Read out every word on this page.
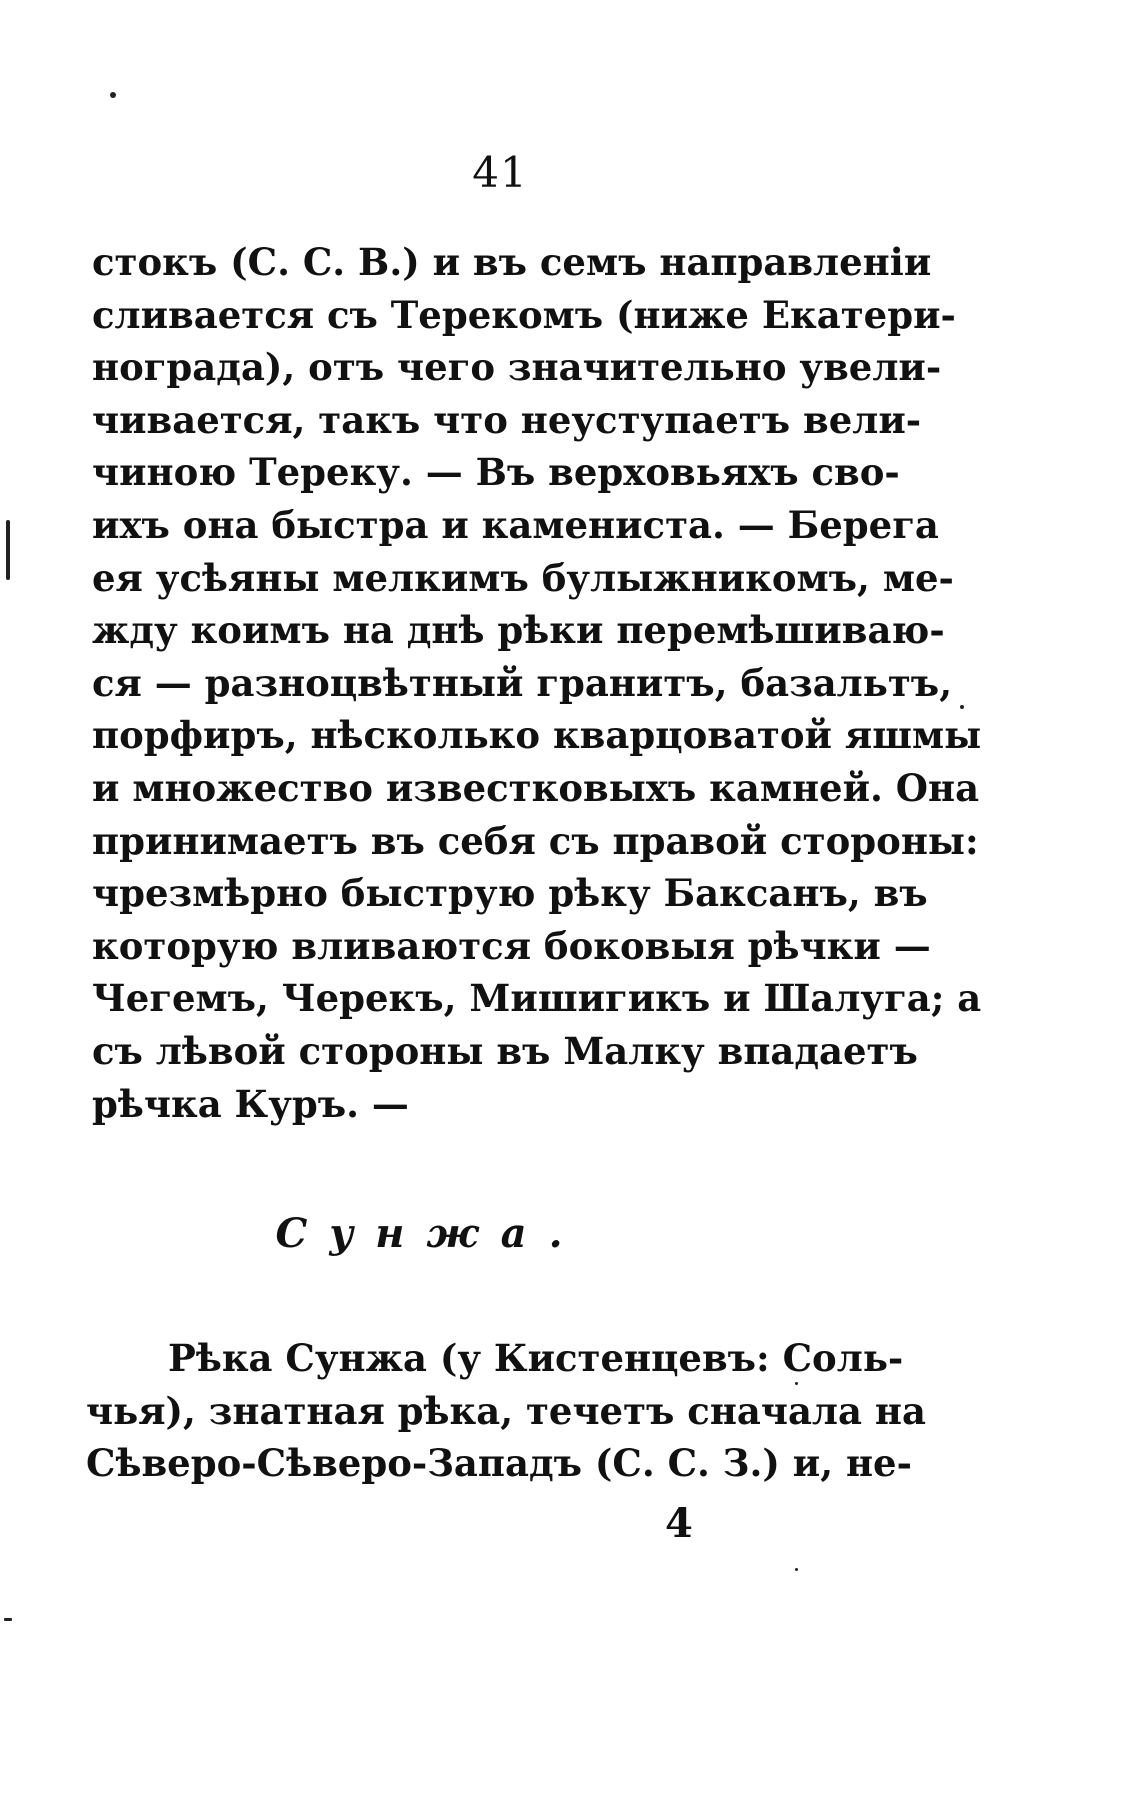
41
стокъ (С. С. В.) и въ семъ направленіи
сливается съ Терекомъ (ниже Екатери-
нограда), отъ чего значительно увели-
чивается, такъ что неуступаетъ вели-
чиною Тереку. — Въ верховьяхъ сво-
ихъ она быстра и каменистa. — Берега
ея усѣяны мелкимъ булыжникомъ, ме-
жду коимъ на днѣ рѣки перемѣшиваю-
ся — разноцвѣтный гранитъ, базальтъ,
порфиръ, нѣсколько кварцоватой яшмы
и множество известковыхъ камней. Она
принимаетъ въ себя съ правой стороны:
чрезмѣрно быструю рѣку Баксанъ, въ
которую вливаются боковыя рѣчки —
Чегемъ, Черекъ, Мишигикъ и Шалуга; а
съ лѣвой стороны въ Малку впадаетъ
рѣчка Куръ. —
Сунжа.
Рѣка Сунжа (у Кистенцевъ: Соль-
чья), знатная рѣка, течетъ сначала на
Сѣверо-Сѣверо-Западъ (С. С. З.) и, не-
4
